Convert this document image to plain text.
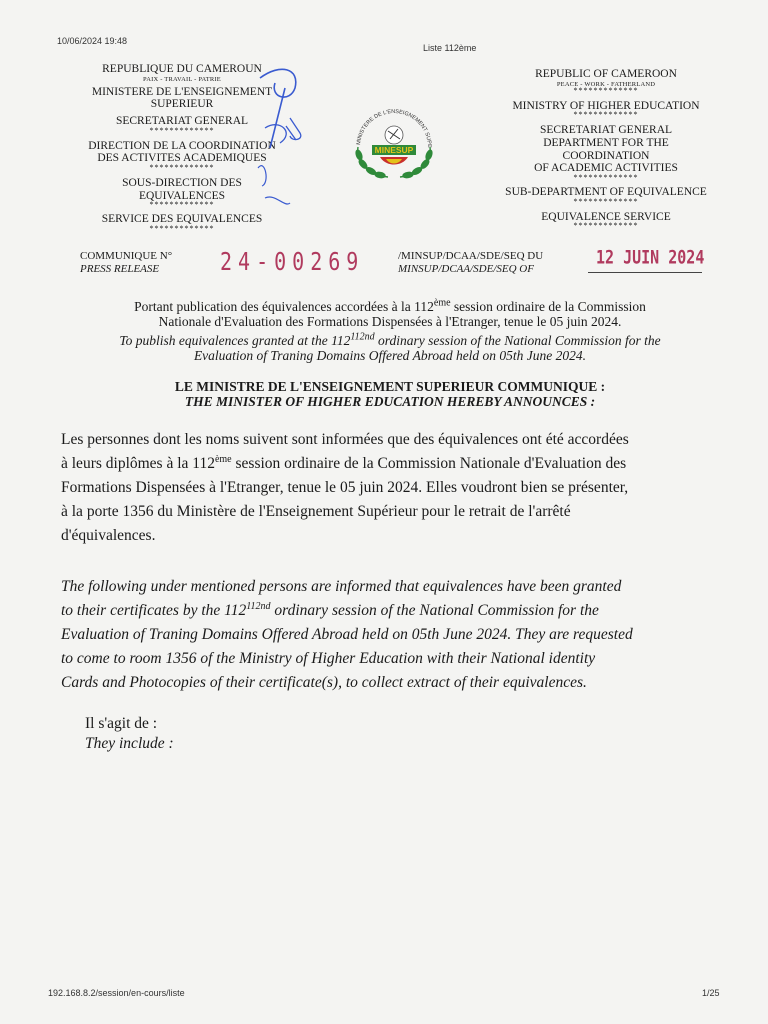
10/06/2024 19:48
Liste 112ème
REPUBLIQUE DU CAMEROUN
PAIX - TRAVAIL - PATRIE
MINISTERE DE L'ENSEIGNEMENT
SUPERIEUR
SECRETARIAT GENERAL
*************
DIRECTION DE LA COORDINATION
DES ACTIVITES ACADEMIQUES
*************
SOUS-DIRECTION DES
EQUIVALENCES
*************
SERVICE DES EQUIVALENCES
*************
MINISTERE DE L'ENSEIGNEMENT SUPE
MINESUP
REPUBLIC OF CAMEROON
PEACE - WORK - FATHERLAND
*************
MINISTRY OF HIGHER EDUCATION
*************
SECRETARIAT GENERAL
DEPARTMENT FOR THE
COORDINATION
OF ACADEMIC ACTIVITIES
*************
SUB-DEPARTMENT OF EQUIVALENCE
*************
EQUIVALENCE SERVICE
*************
COMMUNIQUE N°
PRESS RELEASE	24-00269	/MINSUP/DCAA/SDE/SEQ DU
MINSUP/DCAA/SDE/SEQ OF
12 JUIN 2024
Portant publication des équivalences accordées à la 112ème session ordinaire de la Commission
Nationale d'Evaluation des Formations Dispensées à l'Etranger, tenue le 05 juin 2024.
To publish equivalences granted at the $112^{112nd}$ ordinary session of the National Commission for the
Evaluation of Traning Domains Offered Abroad held on 05th June 2024.
LE MINISTRE DE L'ENSEIGNEMENT SUPERIEUR COMMUNIQUE :
THE MINISTER OF HIGHER EDUCATION HEREBY ANNOUNCES :
Les personnes dont les noms suivent sont informées que des équivalences ont été accordées
à leurs diplômes à la 112ème session ordinaire de la Commission Nationale d'Evaluation des
Formations Dispensées à l'Etranger, tenue le 05 juin 2024. Elles voudront bien se présenter,
à la porte 1356 du Ministère de l'Enseignement Supérieur pour le retrait de l'arrêté
d'équivalences.
The following under mentioned persons are informed that equivalences have been granted
to their certificates by the $112^{112nd}$ ordinary session of the National Commission for the
Evaluation of Traning Domains Offered Abroad held on 05th June 2024. They are requested
to come to room 1356 of the Ministry of Higher Education with their National identity
Cards and Photocopies of their certificate(s), to collect extract of their equivalences.
Il s'agit de :
They include :
192.168.8.2/session/en-cours/liste	1/25
